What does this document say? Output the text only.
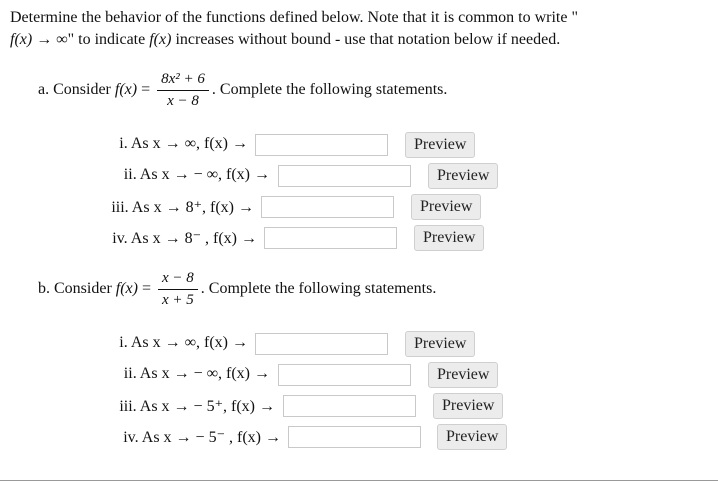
Determine the behavior of the functions defined below. Note that it is common to write "
f(x) → ∞" to indicate f(x) increases without bound - use that notation below if needed.
a. Consider $f(x) = \frac{\text{8x² + 6}}{x - 8}$ . Complete the following statements.
i. As x → ∞, f(x) →	Preview
ii. As x → − ∞, f(x) →	Preview
iii. As x → 8⁺, f(x) →	Preview
iv. As x → 8⁻ , f(x) →	Preview
b. Consider $f(x) = \frac{x - 8}{x + 5}$ . Complete the following statements.
i. As x → ∞, f(x) →	Preview
ii. As x → − ∞, f(x) →	Preview
iii. As x → − 5⁺, f(x) →	Preview
iv. As x → − 5⁻ , f(x) →	Preview
